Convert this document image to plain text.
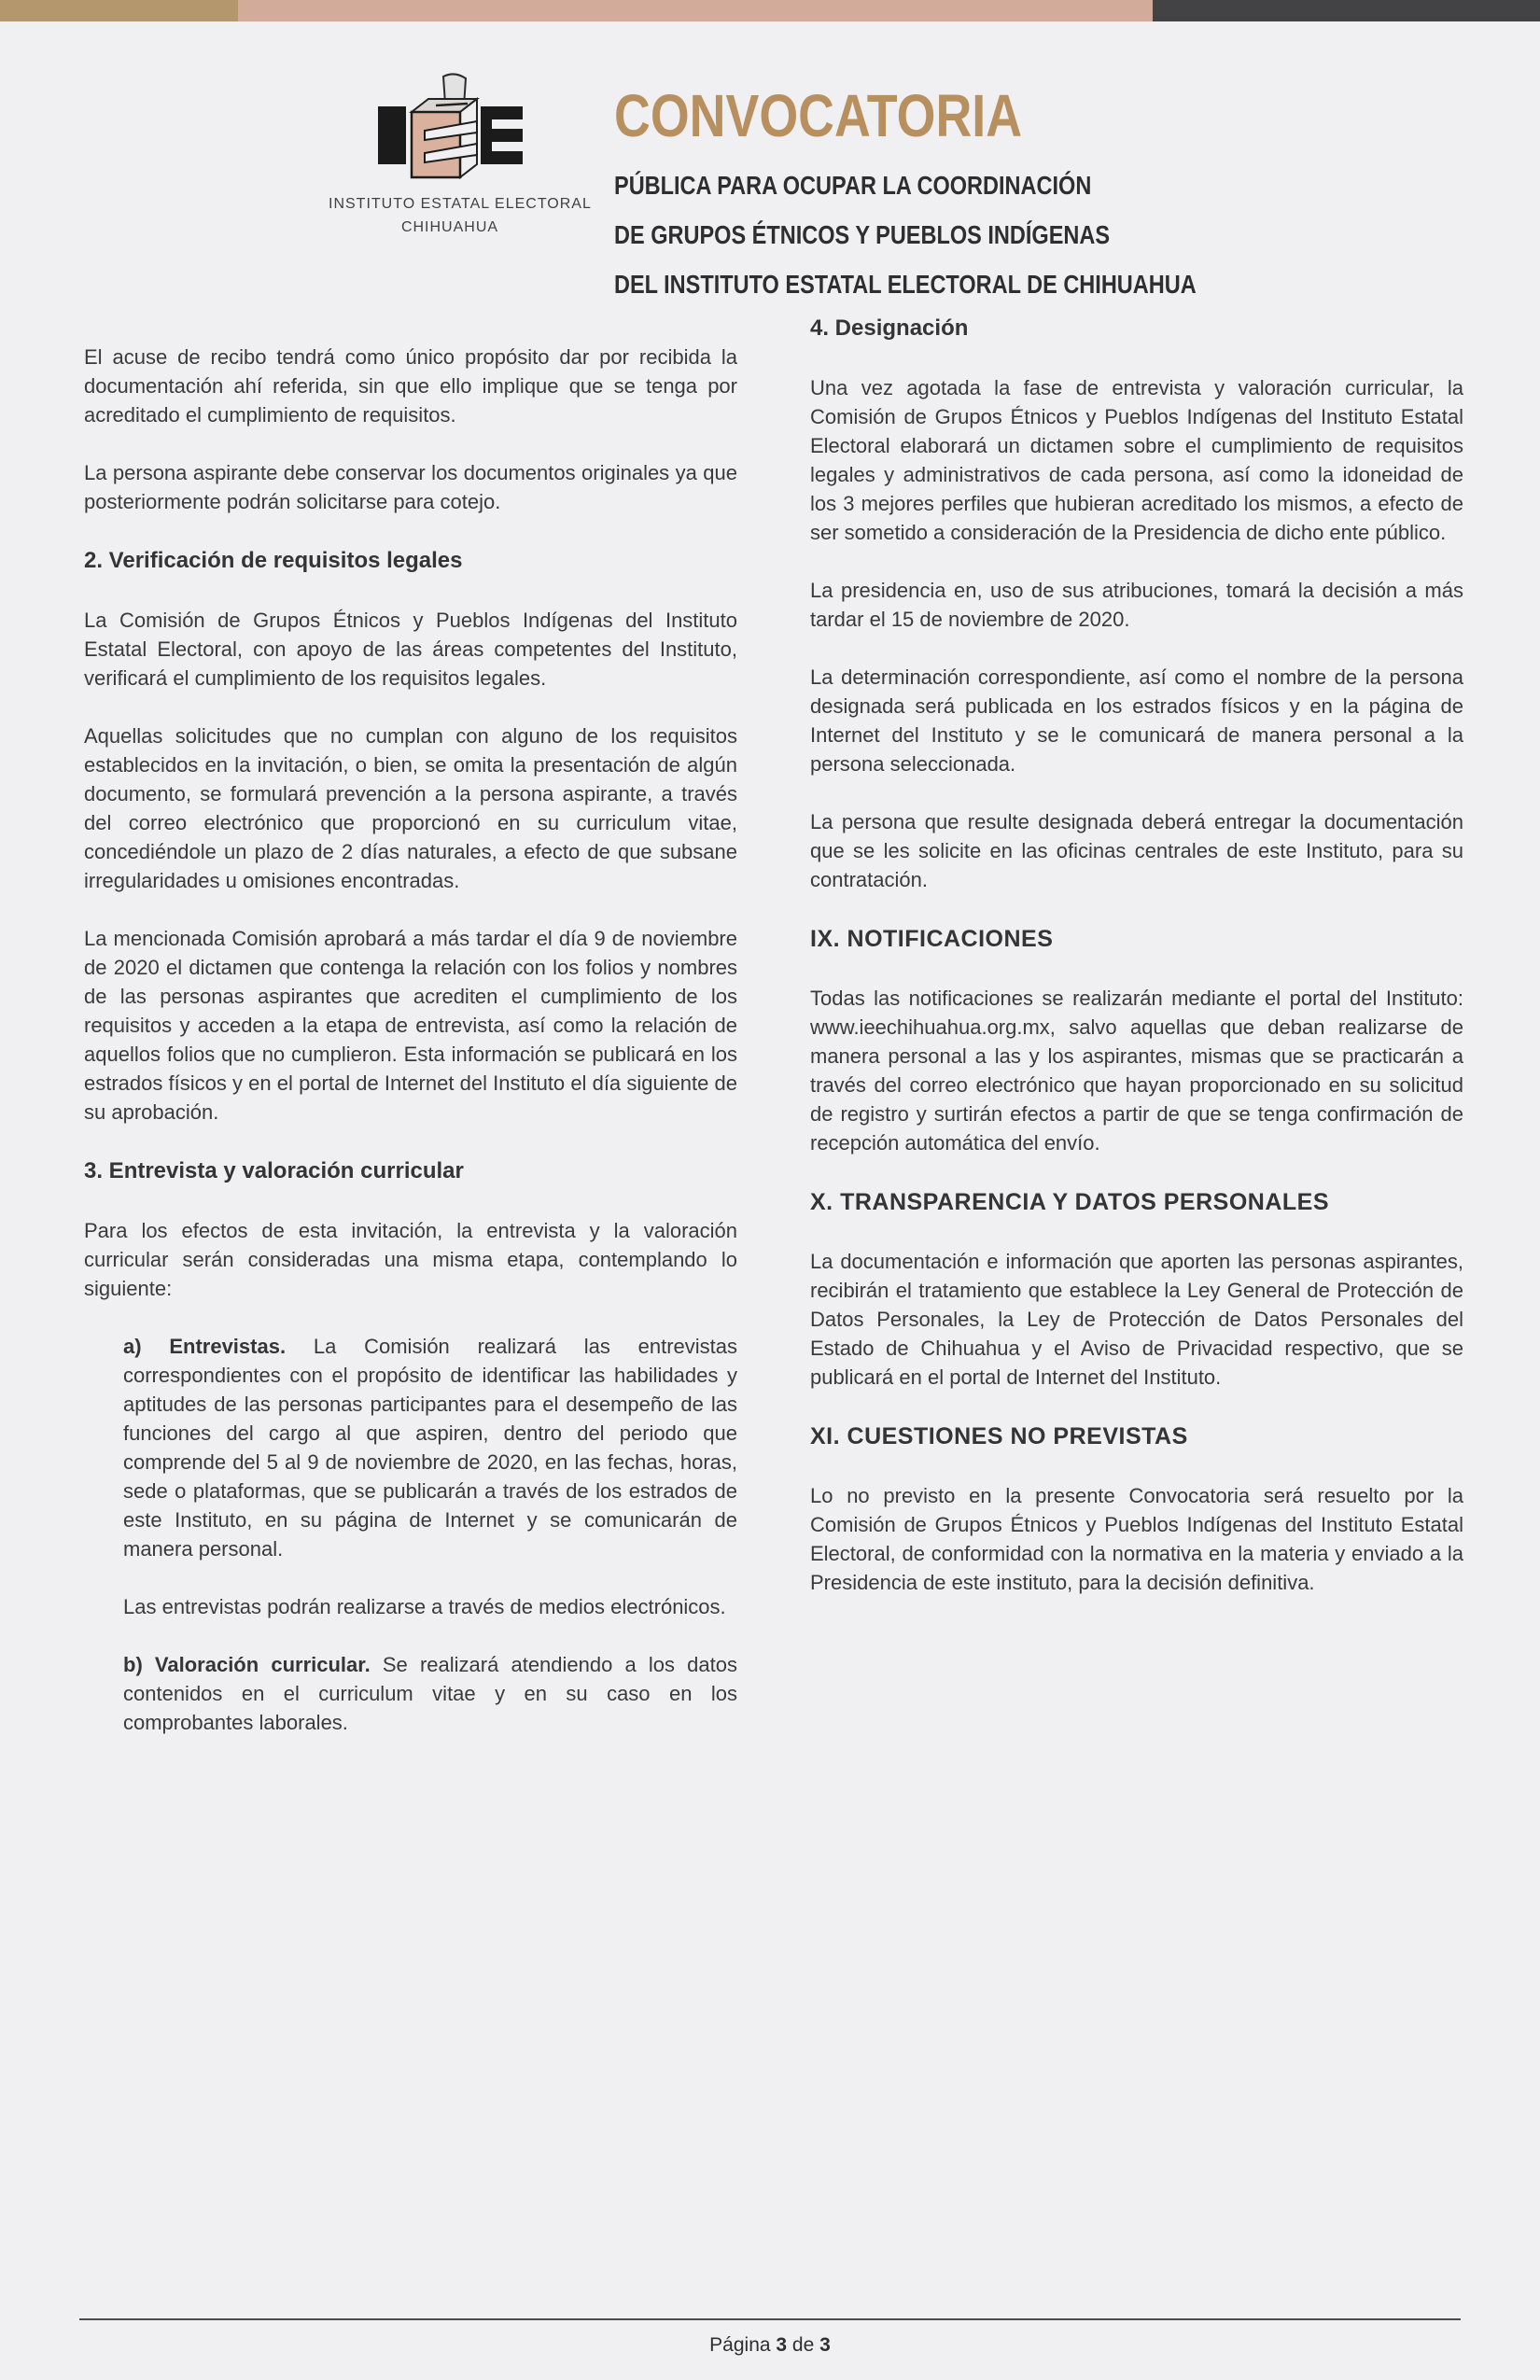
INSTITUTO ESTATAL ELECTORAL
CHIHUAHUA
CONVOCATORIA
PÚBLICA PARA OCUPAR LA COORDINACIÓN
DE GRUPOS ÉTNICOS Y PUEBLOS INDÍGENAS
DEL INSTITUTO ESTATAL ELECTORAL DE CHIHUAHUA

El acuse de recibo tendrá como único propósito dar por recibida la documentación ahí referida, sin que ello implique que se tenga por acreditado el cumplimiento de requisitos.

La persona aspirante debe conservar los documentos originales ya que posteriormente podrán solicitarse para cotejo.

2. Verificación de requisitos legales

La Comisión de Grupos Étnicos y Pueblos Indígenas del Instituto Estatal Electoral, con apoyo de las áreas competentes del Instituto, verificará el cumplimiento de los requisitos legales.

Aquellas solicitudes que no cumplan con alguno de los requisitos establecidos en la invitación, o bien, se omita la presentación de algún documento, se formulará prevención a la persona aspirante, a través del correo electrónico que proporcionó en su curriculum vitae, concediéndole un plazo de 2 días naturales, a efecto de que subsane irregularidades u omisiones encontradas.

La mencionada Comisión aprobará a más tardar el día 9 de noviembre de 2020 el dictamen que contenga la relación con los folios y nombres de las personas aspirantes que acrediten el cumplimiento de los requisitos y acceden a la etapa de entrevista, así como la relación de aquellos folios que no cumplieron. Esta información se publicará en los estrados físicos y en el portal de Internet del Instituto el día siguiente de su aprobación.

3. Entrevista y valoración curricular

Para los efectos de esta invitación, la entrevista y la valoración curricular serán consideradas una misma etapa, contemplando lo siguiente:

a) Entrevistas. La Comisión realizará las entrevistas correspondientes con el propósito de identificar las habilidades y aptitudes de las personas participantes para el desempeño de las funciones del cargo al que aspiren, dentro del periodo que comprende del 5 al 9 de noviembre de 2020, en las fechas, horas, sede o plataformas, que se publicarán a través de los estrados de este Instituto, en su página de Internet y se comunicarán de manera personal.

Las entrevistas podrán realizarse a través de medios electrónicos.

b) Valoración curricular. Se realizará atendiendo a los datos contenidos en el curriculum vitae y en su caso en los comprobantes laborales.

4. Designación

Una vez agotada la fase de entrevista y valoración curricular, la Comisión de Grupos Étnicos y Pueblos Indígenas del Instituto Estatal Electoral elaborará un dictamen sobre el cumplimiento de requisitos legales y administrativos de cada persona, así como la idoneidad de los 3 mejores perfiles que hubieran acreditado los mismos, a efecto de ser sometido a consideración de la Presidencia de dicho ente público.

La presidencia en, uso de sus atribuciones, tomará la decisión a más tardar el 15 de noviembre de 2020.

La determinación correspondiente, así como el nombre de la persona designada será publicada en los estrados físicos y en la página de Internet del Instituto y se le comunicará de manera personal a la persona seleccionada.

La persona que resulte designada deberá entregar la documentación que se les solicite en las oficinas centrales de este Instituto, para su contratación.

IX. NOTIFICACIONES

Todas las notificaciones se realizarán mediante el portal del Instituto: www.ieechihuahua.org.mx, salvo aquellas que deban realizarse de manera personal a las y los aspirantes, mismas que se practicarán a través del correo electrónico que hayan proporcionado en su solicitud de registro y surtirán efectos a partir de que se tenga confirmación de recepción automática del envío.

X. TRANSPARENCIA Y DATOS PERSONALES

La documentación e información que aporten las personas aspirantes, recibirán el tratamiento que establece la Ley General de Protección de Datos Personales, la Ley de Protección de Datos Personales del Estado de Chihuahua y el Aviso de Privacidad respectivo, que se publicará en el portal de Internet del Instituto.

XI. CUESTIONES NO PREVISTAS

Lo no previsto en la presente Convocatoria será resuelto por la Comisión de Grupos Étnicos y Pueblos Indígenas del Instituto Estatal Electoral, de conformidad con la normativa en la materia y enviado a la Presidencia de este instituto, para la decisión definitiva.

Página 3 de 3
